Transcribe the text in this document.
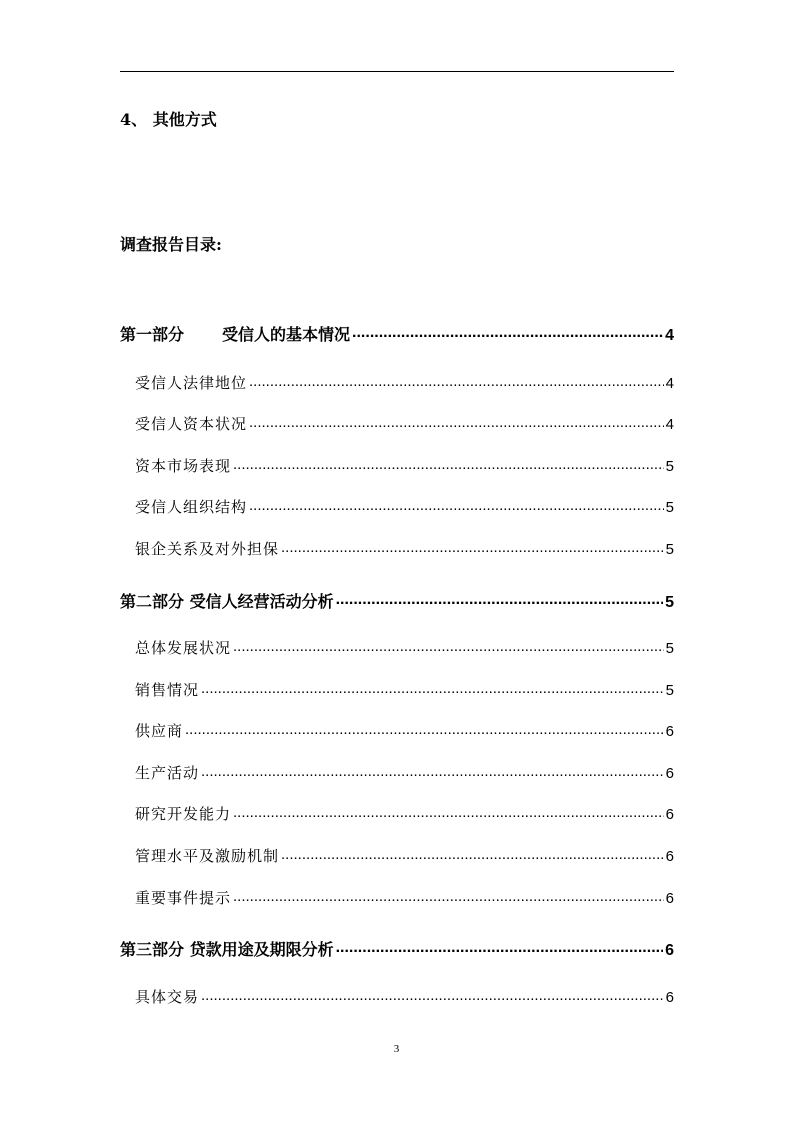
4、 其他方式
调查报告目录:
第一部分 受信人的基本情况 .....	4
受信人法律地位 .....	4
受信人资本状况 .....	4
资本市场表现 .....	5
受信人组织结构 .....	5
银企关系及对外担保 .....	5
第二部分 受信人经营活动分析 .....	5
总体发展状况 .....	5
销售情况 .....	5
供应商 .....	6
生产活动 .....	6
研究开发能力 .....	6
管理水平及激励机制 .....	6
重要事件提示 .....	6
第三部分 贷款用途及期限分析 .....	6
具体交易 .....	6
3
